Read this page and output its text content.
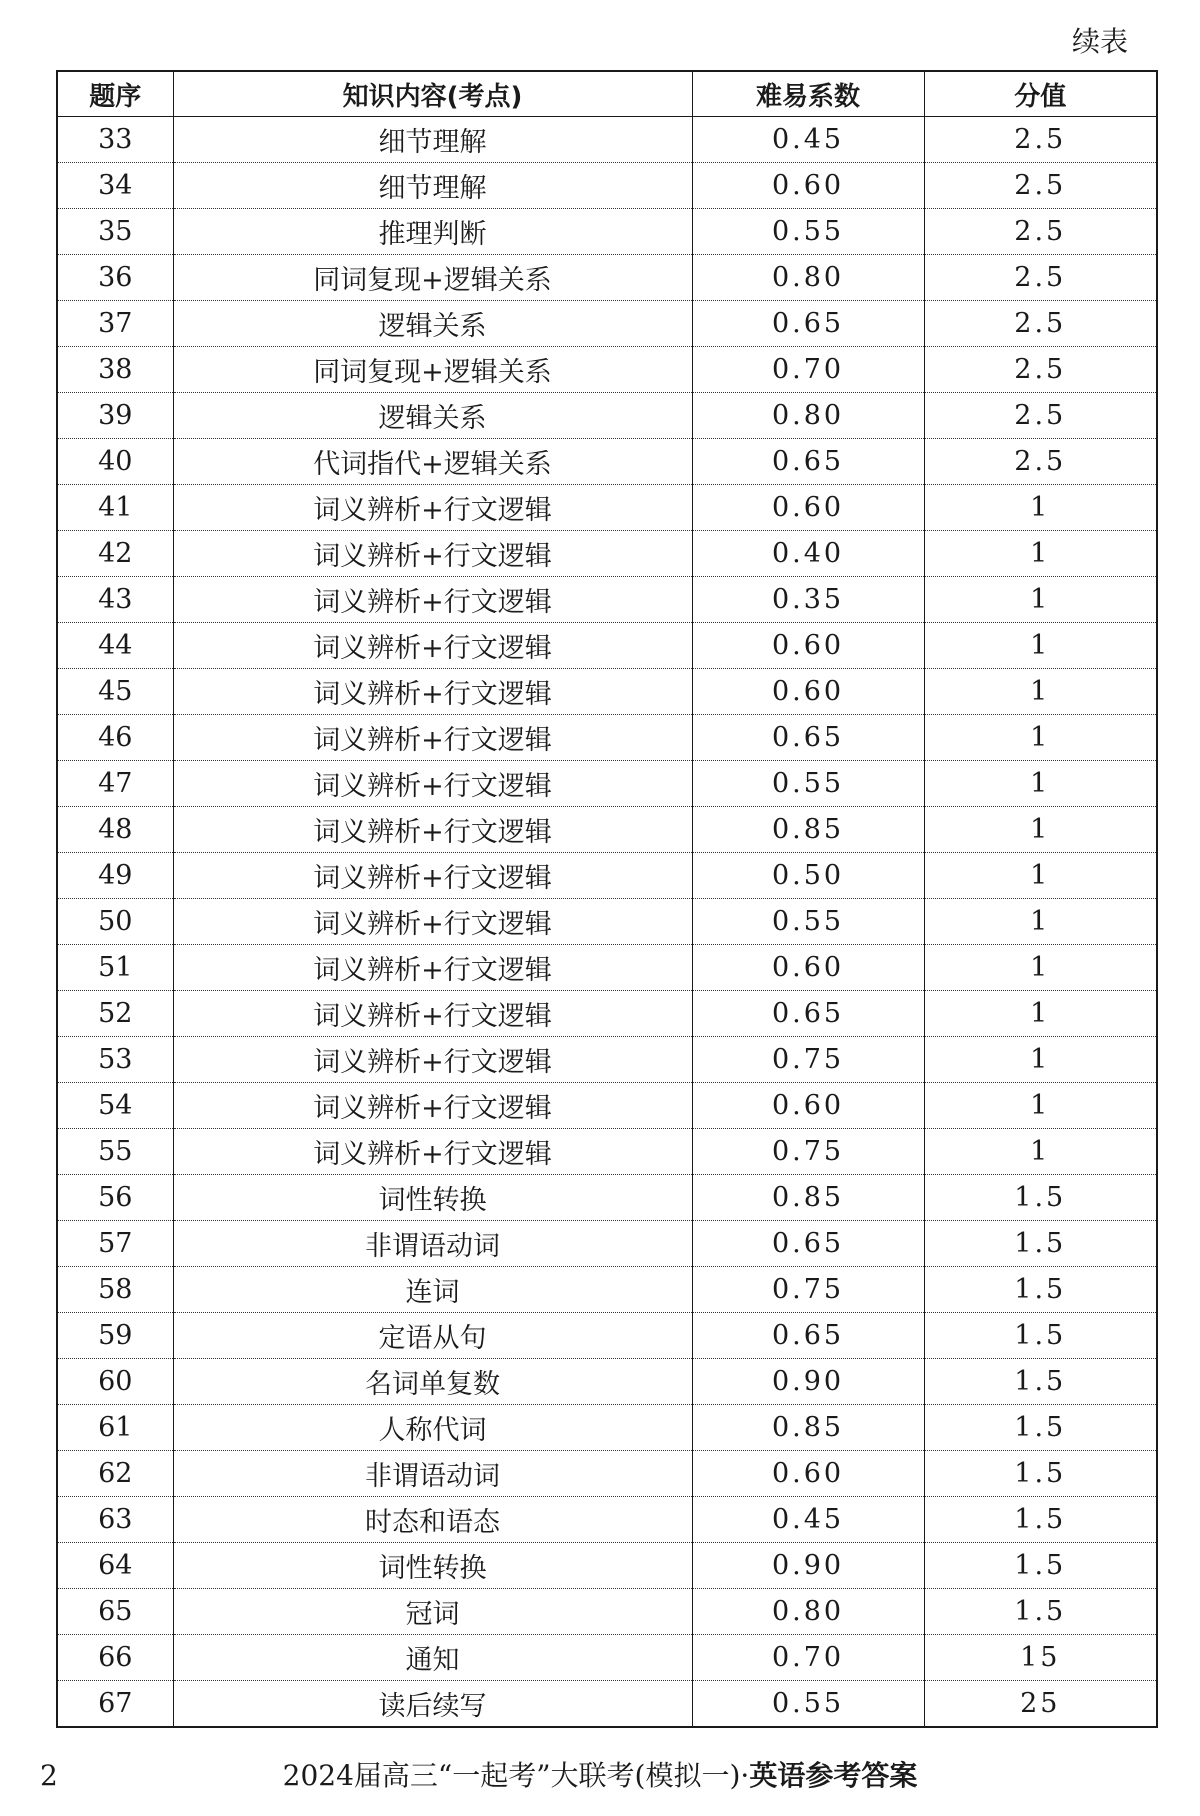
续表
题序	知识内容(考点)	难易系数	分值
33	细节理解	0.45	2.5
34	细节理解	0.60	2.5
35	推理判断	0.55	2.5
36	同词复现+逻辑关系	0.80	2.5
37	逻辑关系	0.65	2.5
38	同词复现+逻辑关系	0.70	2.5
39	逻辑关系	0.80	2.5
40	代词指代+逻辑关系	0.65	2.5
41	词义辨析+行文逻辑	0.60	1
42	词义辨析+行文逻辑	0.40	1
43	词义辨析+行文逻辑	0.35	1
44	词义辨析+行文逻辑	0.60	1
45	词义辨析+行文逻辑	0.60	1
46	词义辨析+行文逻辑	0.65	1
47	词义辨析+行文逻辑	0.55	1
48	词义辨析+行文逻辑	0.85	1
49	词义辨析+行文逻辑	0.50	1
50	词义辨析+行文逻辑	0.55	1
51	词义辨析+行文逻辑	0.60	1
52	词义辨析+行文逻辑	0.65	1
53	词义辨析+行文逻辑	0.75	1
54	词义辨析+行文逻辑	0.60	1
55	词义辨析+行文逻辑	0.75	1
56	词性转换	0.85	1.5
57	非谓语动词	0.65	1.5
58	连词	0.75	1.5
59	定语从句	0.65	1.5
60	名词单复数	0.90	1.5
61	人称代词	0.85	1.5
62	非谓语动词	0.60	1.5
63	时态和语态	0.45	1.5
64	词性转换	0.90	1.5
65	冠词	0.80	1.5
66	通知	0.70	15
67	读后续写	0.55	25
2	2024届高三“一起考”大联考(模拟一)·英语参考答案
